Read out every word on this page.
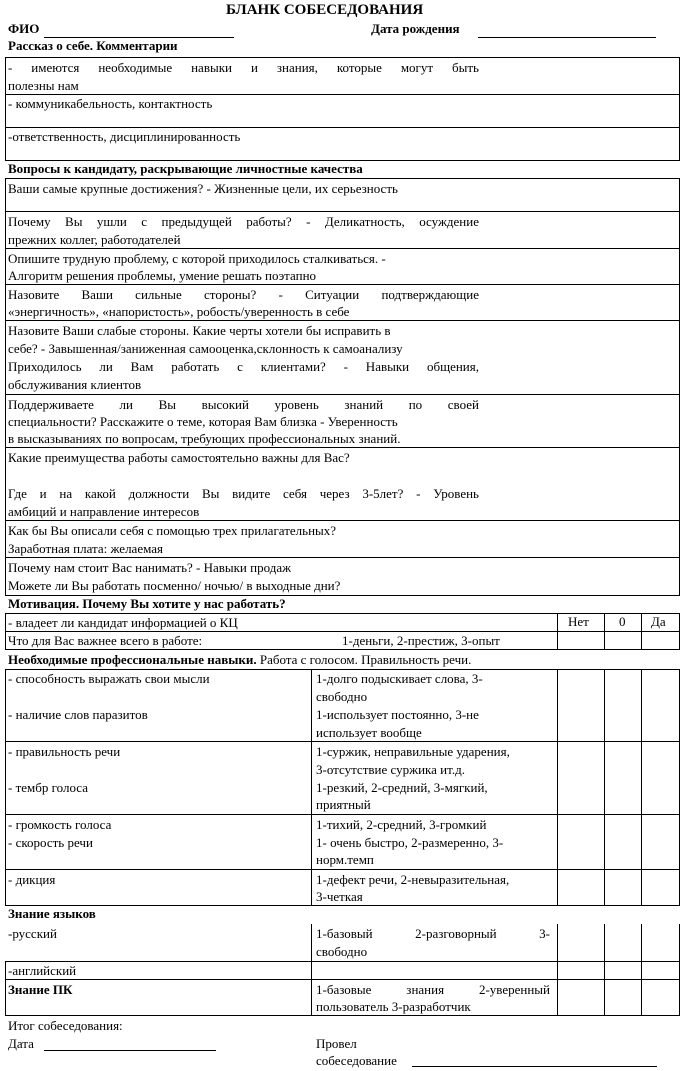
БЛАНК СОБЕСЕДОВАНИЯ
ФИО	Дата рождения
Рассказ о себе. Комментарии
- имеются необходимые навыки и знания, которые могут быть
полезны нам
- коммуникабельность, контактность
-ответственность, дисциплинированность
Вопросы к кандидату, раскрывающие личностные качества
Ваши самые крупные достижения? - Жизненные цели, их серьезность
Почему Вы ушли с предыдущей работы? - Деликатность, осуждение
прежних коллег, работодателей
Опишите трудную проблему, с которой приходилось сталкиваться. -
Алгоритм решения проблемы, умение решать поэтапно
Назовите Ваши сильные стороны? - Ситуации подтверждающие
«энергичность», «напористость», робость/уверенность в себе
Назовите Ваши слабые стороны. Какие черты хотели бы исправить в
себе? - Завышенная/заниженная самооценка,склонность к самоанализу
Приходилось ли Вам работать с клиентами? - Навыки общения,
обслуживания клиентов
Поддерживаете ли Вы высокий уровень знаний по своей
специальности? Расскажите о теме, которая Вам близка - Уверенность
в высказываниях по вопросам, требующих профессиональных знаний.
Какие преимущества работы самостоятельно важны для Вас?
Где и на какой должности Вы видите себя через 3-5лет? - Уровень
амбиций и направление интересов
Как бы Вы описали себя с помощью трех прилагательных?
Заработная плата: желаемая
Почему нам стоит Вас нанимать? - Навыки продаж
Можете ли Вы работать посменно/ ночью/ в выходные дни?
Мотивация. Почему Вы хотите у нас работать?
- владеет ли кандидат информацией о КЦ	Нет 0 Да
Что для Вас важнее всего в работе:	1-деньги, 2-престиж, 3-опыт
Необходимые профессиональные навыки. Работа с голосом. Правильность речи.
- способность выражать свои мысли	1-долго подыскивает слова, 3-
свободно
- наличие слов паразитов	1-использует постоянно, 3-не
использует вообще
- правильность речи	1-суржик, неправильные ударения,
3-отсутствие суржика ит.д.
- тембр голоса	1-резкий, 2-средний, 3-мягкий,
приятный
- громкость голоса	1-тихий, 2-средний, 3-громкий
- скорость речи	1- очень быстро, 2-размеренно, 3-
норм.темп
- дикция	1-дефект речи, 2-невыразительная,
3-четкая
Знание языков
-русский	1-базовый 2-разговорный 3-
свободно
-английский
Знание ПК	1-базовые знания 2-уверенный
пользователь 3-разработчик
Итог собеседования:
Дата	Провел
собеседование
